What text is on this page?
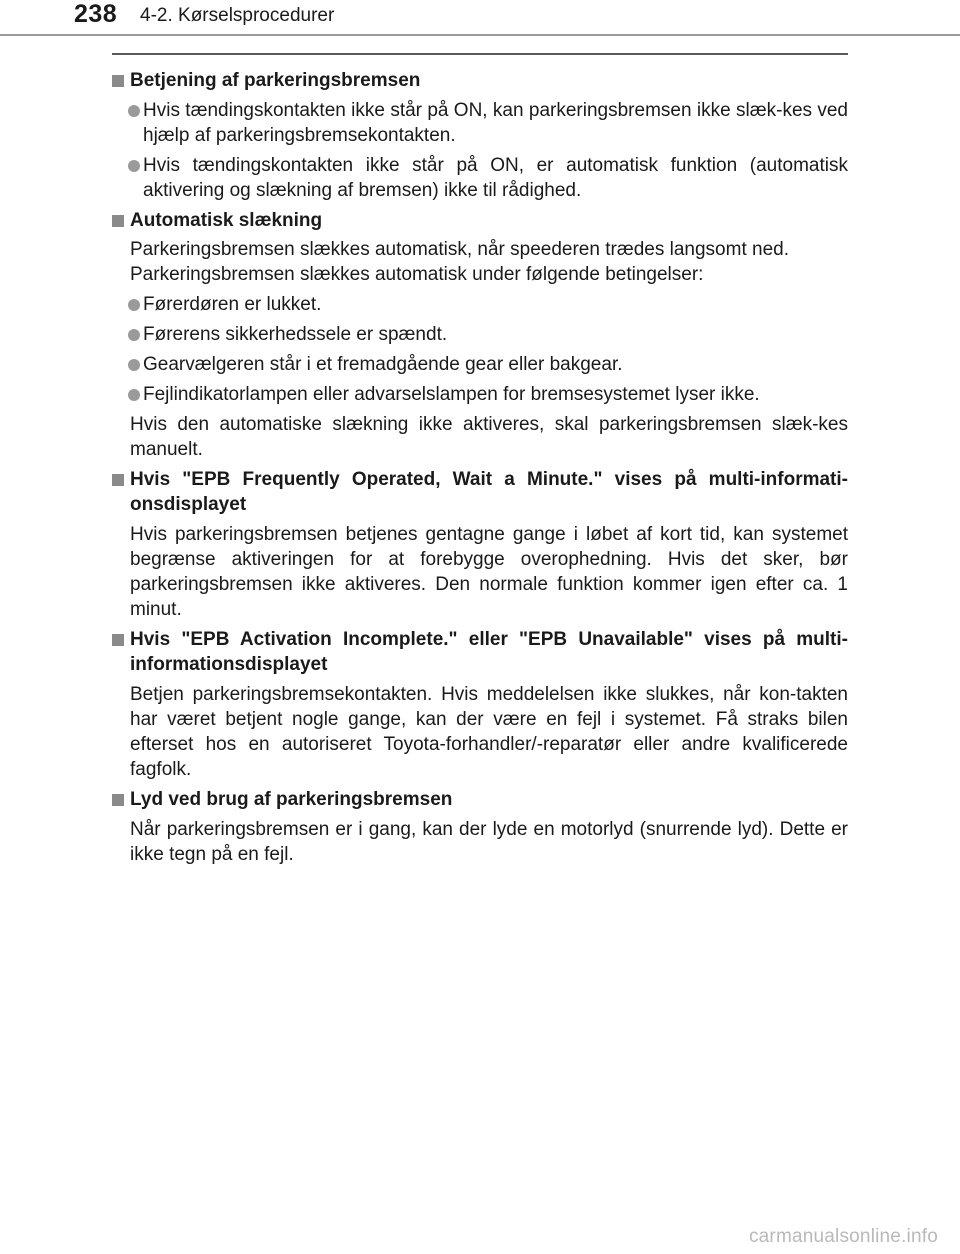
238 4-2. Kørselsprocedurer
Betjening af parkeringsbremsen
Hvis tændingskontakten ikke står på ON, kan parkeringsbremsen ikke slæk-kes ved hjælp af parkeringsbremsekontakten.
Hvis tændingskontakten ikke står på ON, er automatisk funktion (automatisk aktivering og slækning af bremsen) ikke til rådighed.
Automatisk slækning
Parkeringsbremsen slækkes automatisk, når speederen trædes langsomt ned.
Parkeringsbremsen slækkes automatisk under følgende betingelser:
Førerdøren er lukket.
Førerens sikkerhedssele er spændt.
Gearvælgeren står i et fremadgående gear eller bakgear.
Fejlindikatorlampen eller advarselslampen for bremsesystemet lyser ikke.
Hvis den automatiske slækning ikke aktiveres, skal parkeringsbremsen slæk-kes manuelt.
Hvis "EPB Frequently Operated, Wait a Minute." vises på multi-informati-onsdisplayet
Hvis parkeringsbremsen betjenes gentagne gange i løbet af kort tid, kan systemet begrænse aktiveringen for at forebygge overophedning. Hvis det sker, bør parkeringsbremsen ikke aktiveres. Den normale funktion kommer igen efter ca. 1 minut.
Hvis "EPB Activation Incomplete." eller "EPB Unavailable" vises på multi-informationsdisplayet
Betjen parkeringsbremsekontakten. Hvis meddelelsen ikke slukkes, når kon-takten har været betjent nogle gange, kan der være en fejl i systemet. Få straks bilen efterset hos en autoriseret Toyota-forhandler/-reparatør eller andre kvalificerede fagfolk.
Lyd ved brug af parkeringsbremsen
Når parkeringsbremsen er i gang, kan der lyde en motorlyd (snurrende lyd). Dette er ikke tegn på en fejl.
carmanualsonline.info
